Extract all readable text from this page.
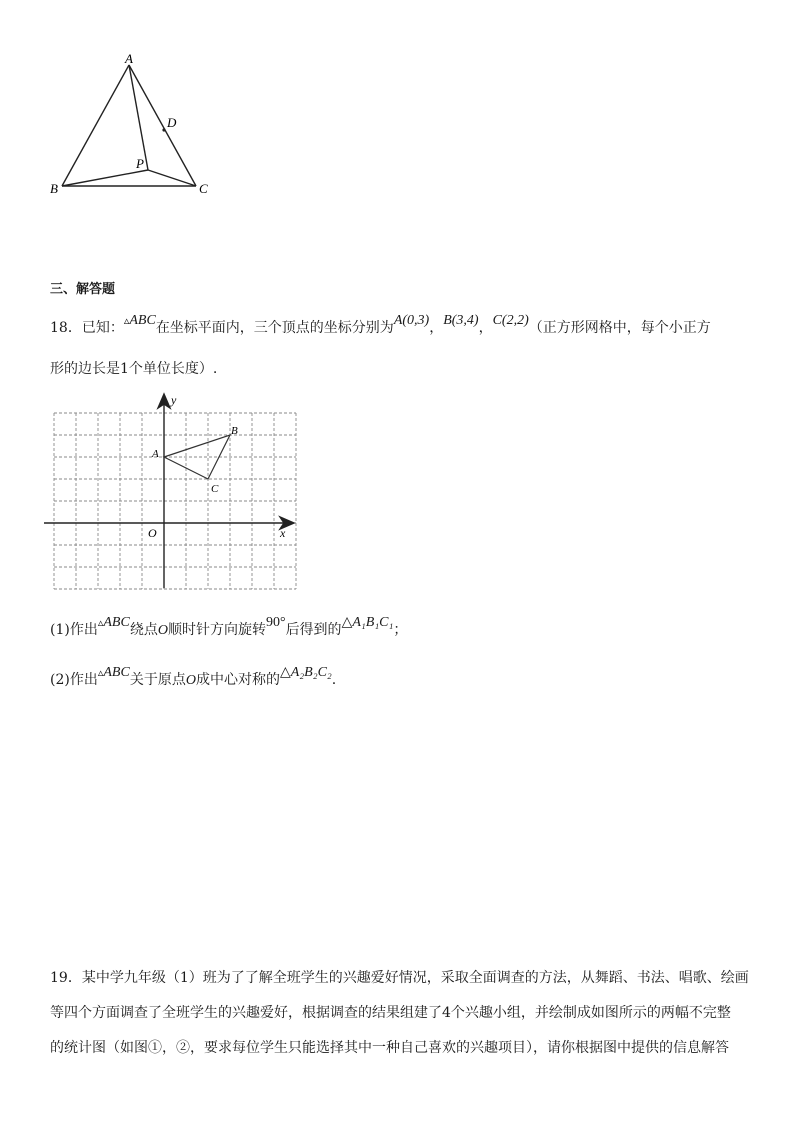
A
B	C
D
P
三、解答题
18．已知：▵ABC在坐标平面内，三个顶点的坐标分别为A(0,3)，B(3,4)，C(2,2)（正方形网格中，每个小正方
形的边长是1个单位长度）.
y
x
O
A
B
C
(1)作出▵ABC绕点O顺时针方向旋转90°后得到的△A₁B₁C₁；
(2)作出▵ABC关于原点O成中心对称的△A₂B₂C₂.
19．某中学九年级（1）班为了了解全班学生的兴趣爱好情况，采取全面调查的方法，从舞蹈、书法、唱歌、绘画
等四个方面调查了全班学生的兴趣爱好，根据调查的结果组建了4个兴趣小组，并绘制成如图所示的两幅不完整
的统计图（如图①，②，要求每位学生只能选择其中一种自己喜欢的兴趣项目），请你根据图中提供的信息解答
